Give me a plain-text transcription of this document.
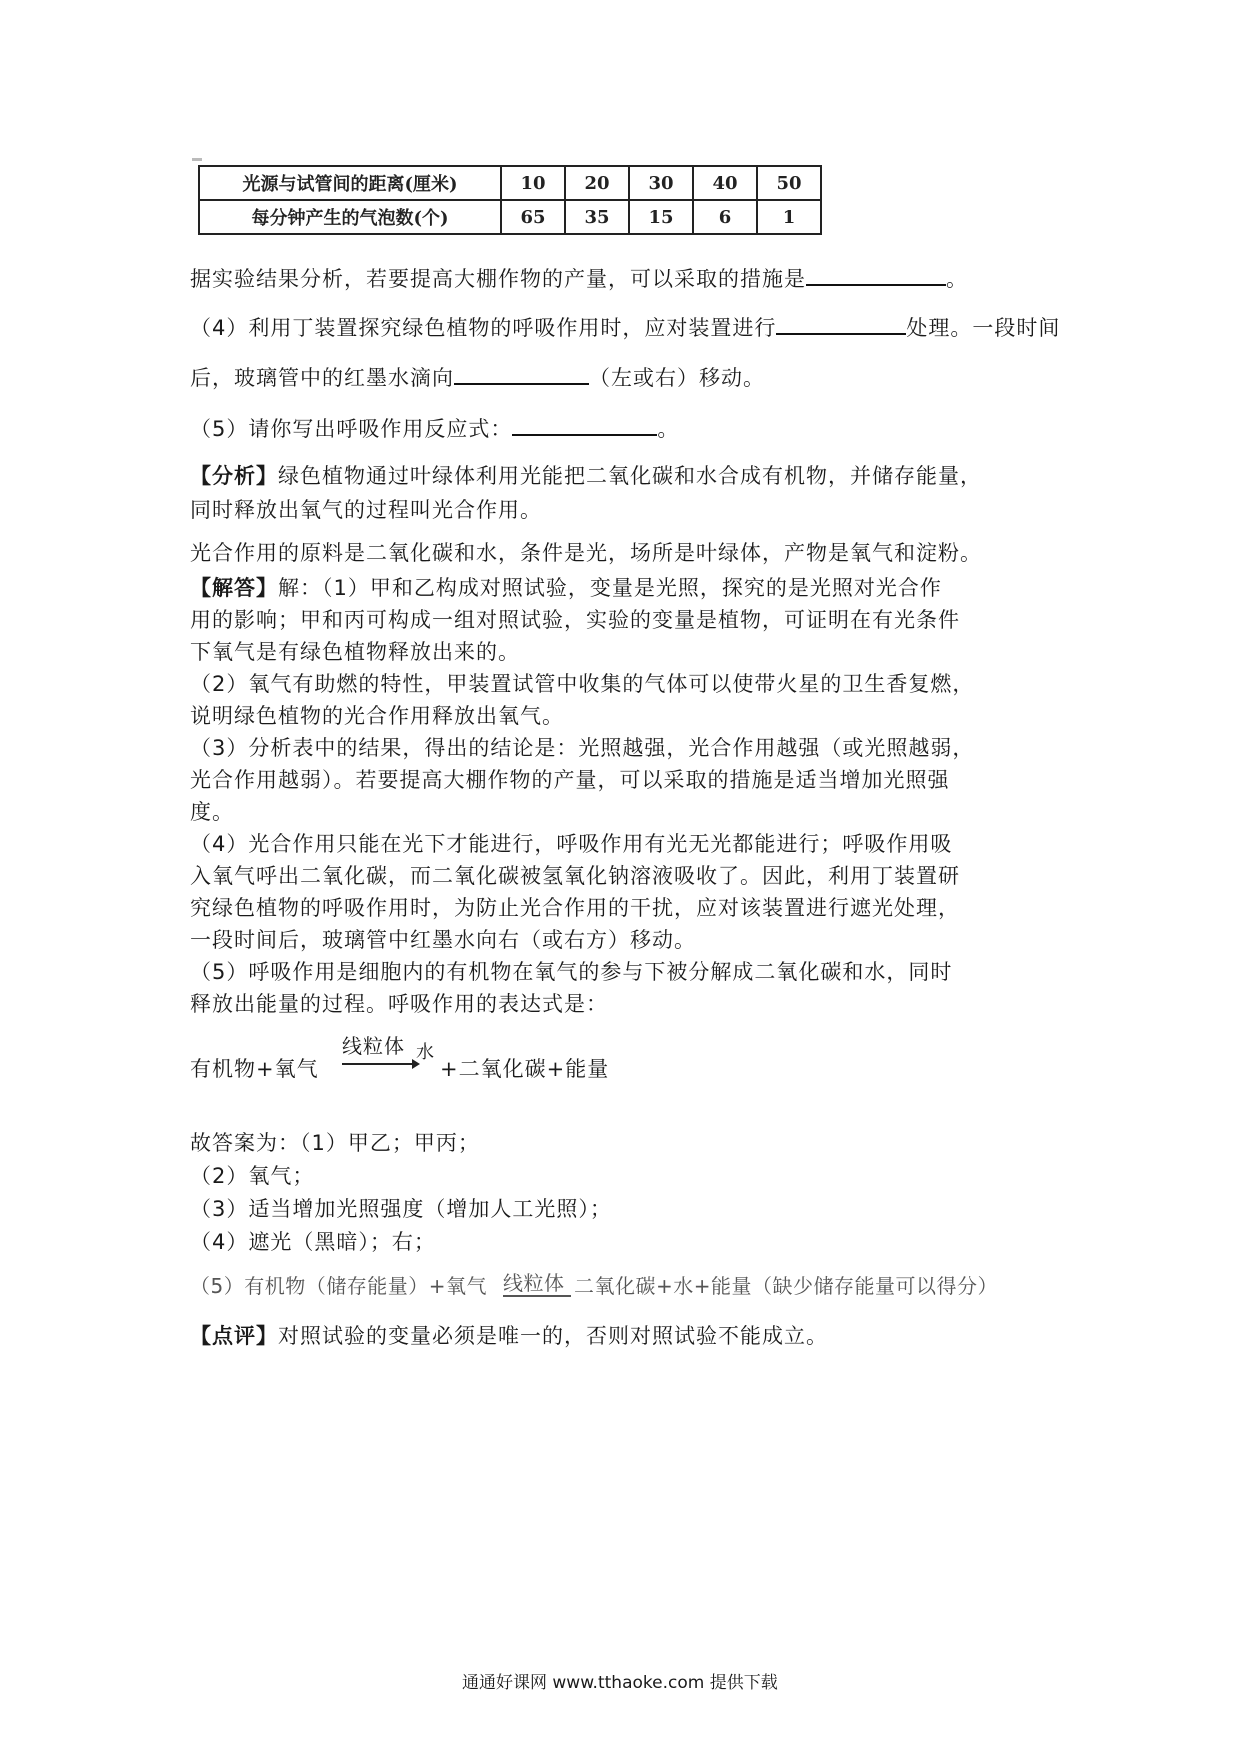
光源与试管间的距离(厘米)	10	20	30	40	50
每分钟产生的气泡数(个)	65	35	15	6	1
据实验结果分析，若要提高大棚作物的产量，可以采取的措施是	。
（4）利用丁装置探究绿色植物的呼吸作用时，应对装置进行	处理。一段时间
后，玻璃管中的红墨水滴向	（左或右）移动。
（5）请你写出呼吸作用反应式：	。
【分析】绿色植物通过叶绿体利用光能把二氧化碳和水合成有机物，并储存能量，
同时释放出氧气的过程叫光合作用。
光合作用的原料是二氧化碳和水，条件是光，场所是叶绿体，产物是氧气和淀粉。
【解答】解：（1）甲和乙构成对照试验，变量是光照，探究的是光照对光合作
用的影响；甲和丙可构成一组对照试验，实验的变量是植物，可证明在有光条件
下氧气是有绿色植物释放出来的。
（2）氧气有助燃的特性，甲装置试管中收集的气体可以使带火星的卫生香复燃，
说明绿色植物的光合作用释放出氧气。
（3）分析表中的结果，得出的结论是：光照越强，光合作用越强（或光照越弱，
光合作用越弱）。若要提高大棚作物的产量，可以采取的措施是适当增加光照强
度。
（4）光合作用只能在光下才能进行，呼吸作用有光无光都能进行；呼吸作用吸
入氧气呼出二氧化碳，而二氧化碳被氢氧化钠溶液吸收了。因此，利用丁装置研
究绿色植物的呼吸作用时，为防止光合作用的干扰，应对该装置进行遮光处理，
一段时间后，玻璃管中红墨水向右（或右方）移动。
（5）呼吸作用是细胞内的有机物在氧气的参与下被分解成二氧化碳和水，同时
释放出能量的过程。呼吸作用的表达式是：
有机物+氧气
线粒体 水
+二氧化碳+能量
故答案为：（1）甲乙；甲丙；
（2）氧气；
（3）适当增加光照强度（增加人工光照）；
（4）遮光（黑暗）；右；
（5）有机物（储存能量）+氧气 线粒体 二氧化碳+水+能量（缺少储存能量可以得分）
【点评】对照试验的变量必须是唯一的，否则对照试验不能成立。
通通好课网 www.tthaoke.com 提供下载
